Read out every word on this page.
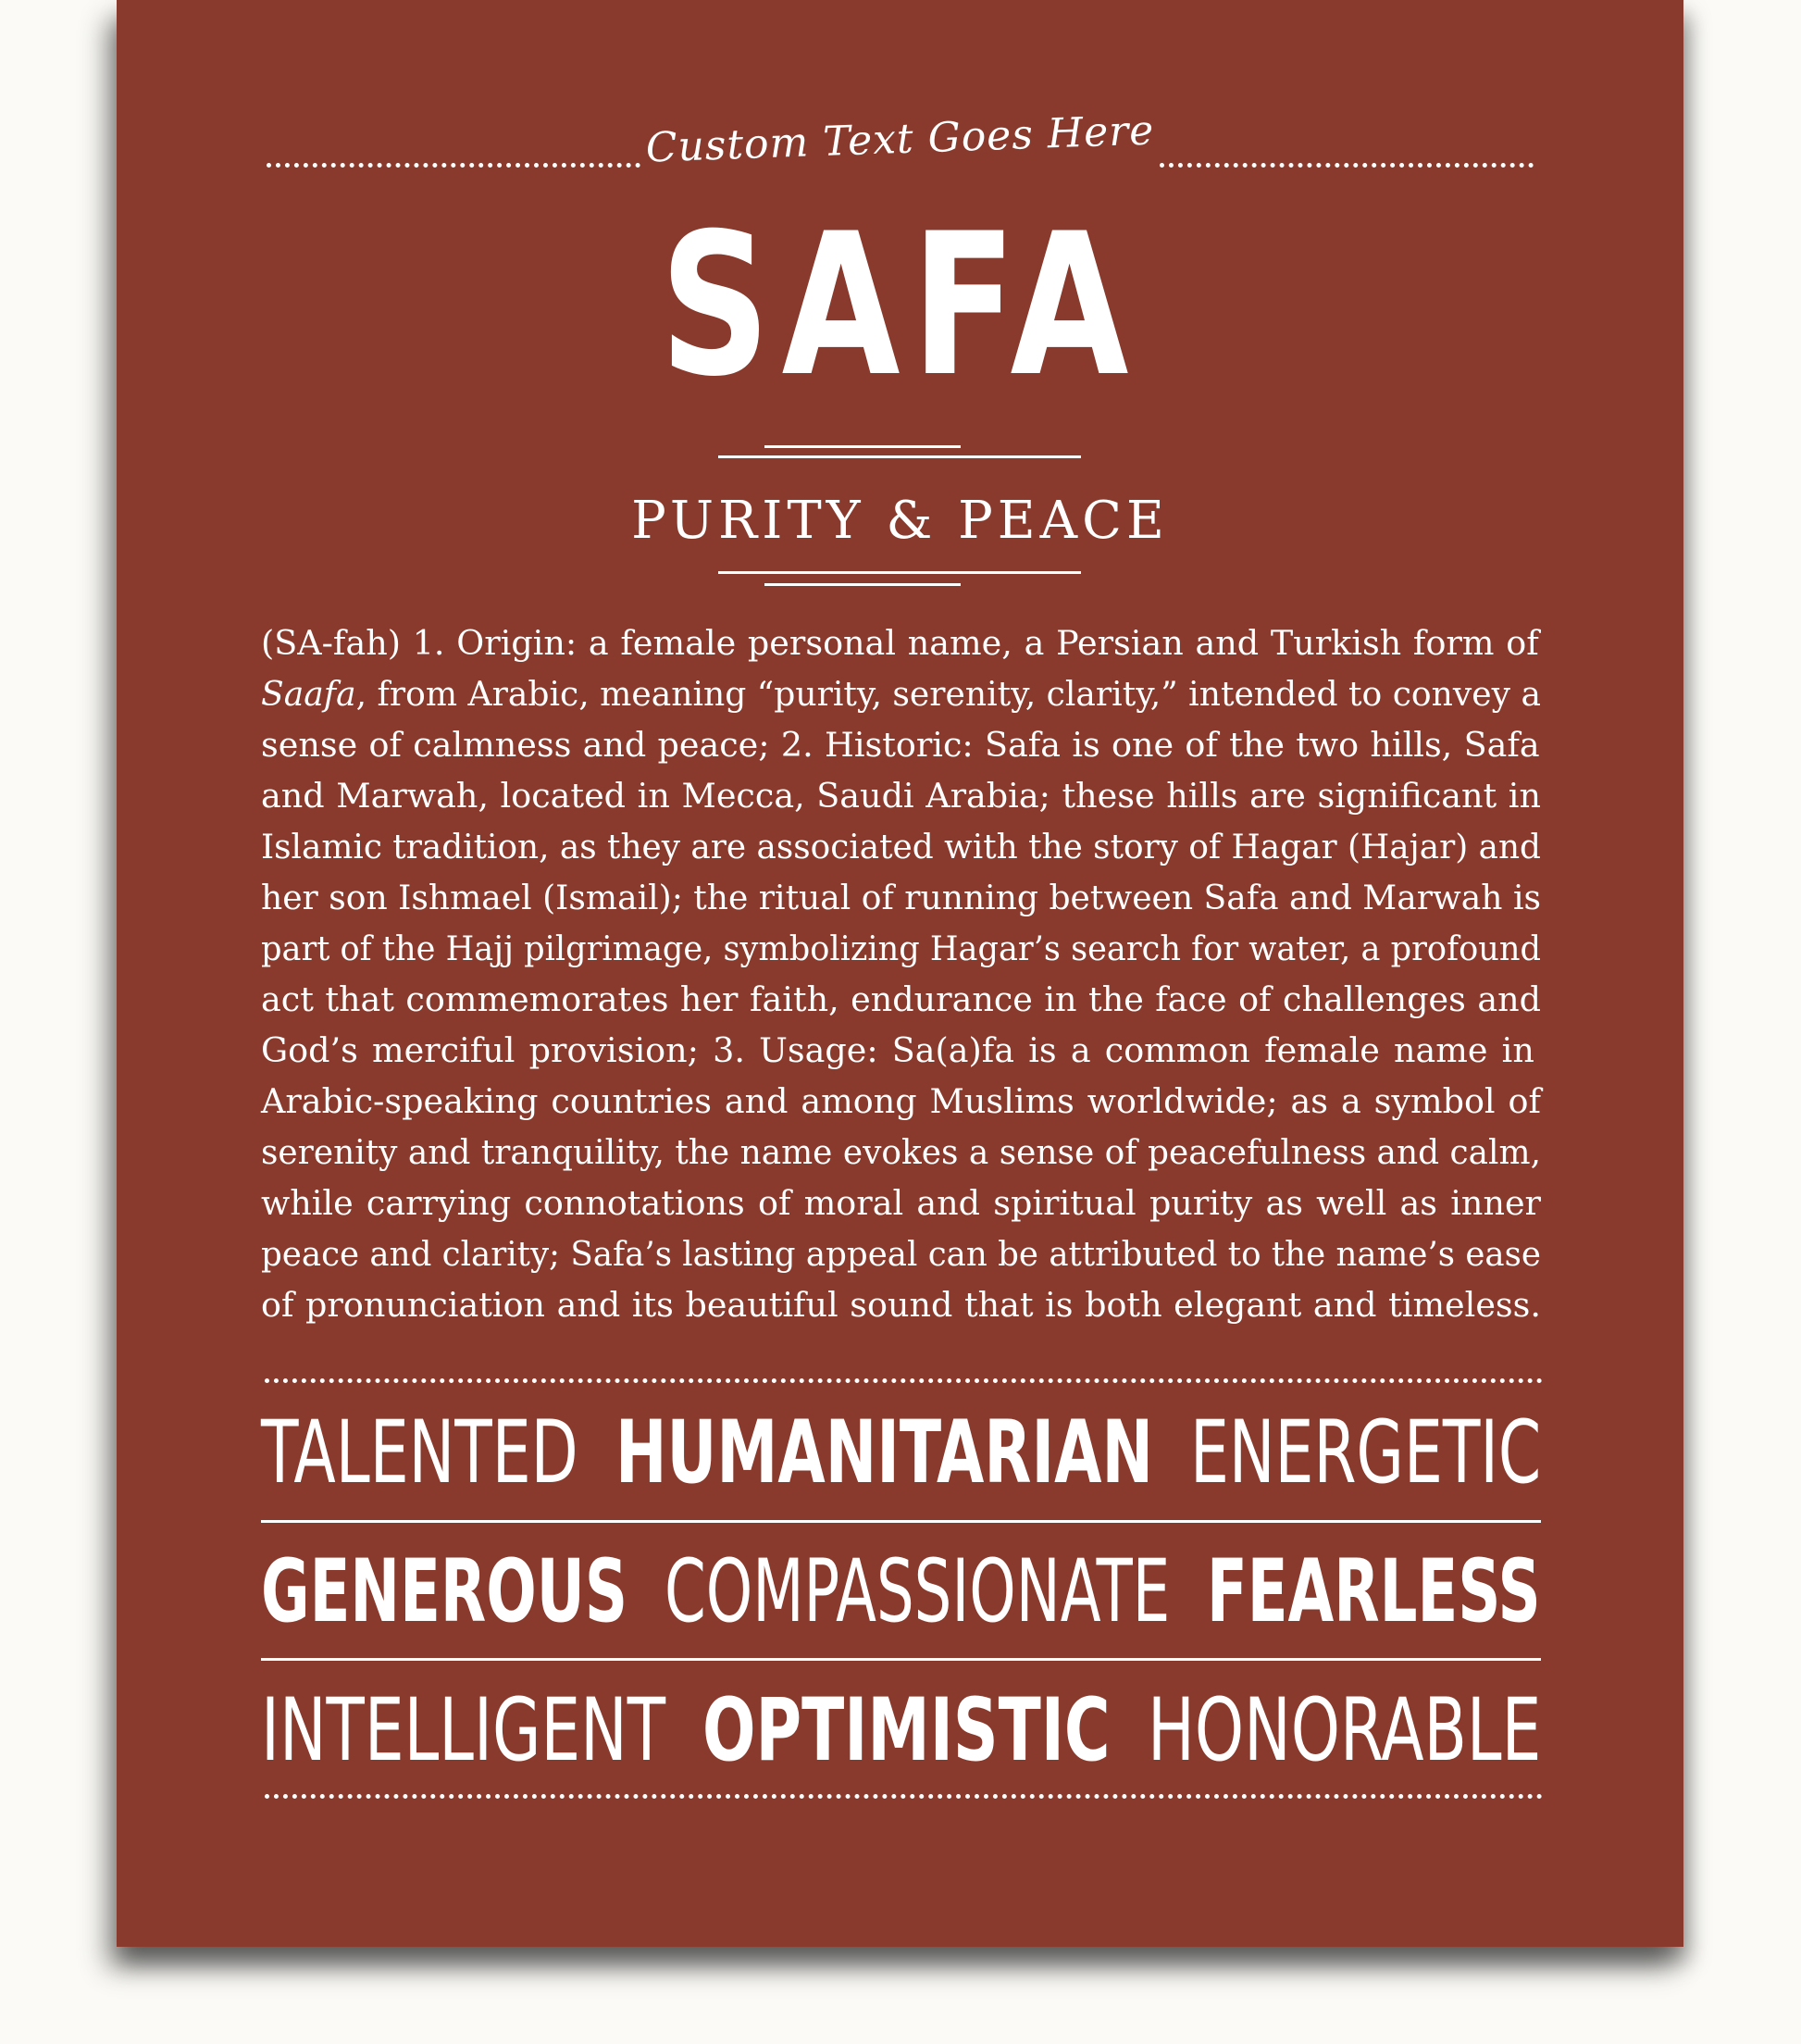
Custom Text Goes Here
SAFA
PURITY & PEACE
(SA-fah) 1. Origin: a female personal name, a Persian and Turkish form of
Saafa, from Arabic, meaning “purity, serenity, clarity,” intended to convey a
sense of calmness and peace; 2. Historic: Safa is one of the two hills, Safa
and Marwah, located in Mecca, Saudi Arabia; these hills are significant in
Islamic tradition, as they are associated with the story of Hagar (Hajar) and
her son Ishmael (Ismail); the ritual of running between Safa and Marwah is
part of the Hajj pilgrimage, symbolizing Hagar’s search for water, a profound
act that commemorates her faith, endurance in the face of challenges and
God’s merciful provision; 3. Usage: Sa(a)fa is a common female name in
Arabic-speaking countries and among Muslims worldwide; as a symbol of
serenity and tranquility, the name evokes a sense of peacefulness and calm,
while carrying connotations of moral and spiritual purity as well as inner
peace and clarity; Safa’s lasting appeal can be attributed to the name’s ease
of pronunciation and its beautiful sound that is both elegant and timeless.
TALENTED HUMANITARIAN ENERGETIC
GENEROUS COMPASSIONATE FEARLESS
INTELLIGENT OPTIMISTIC HONORABLE
